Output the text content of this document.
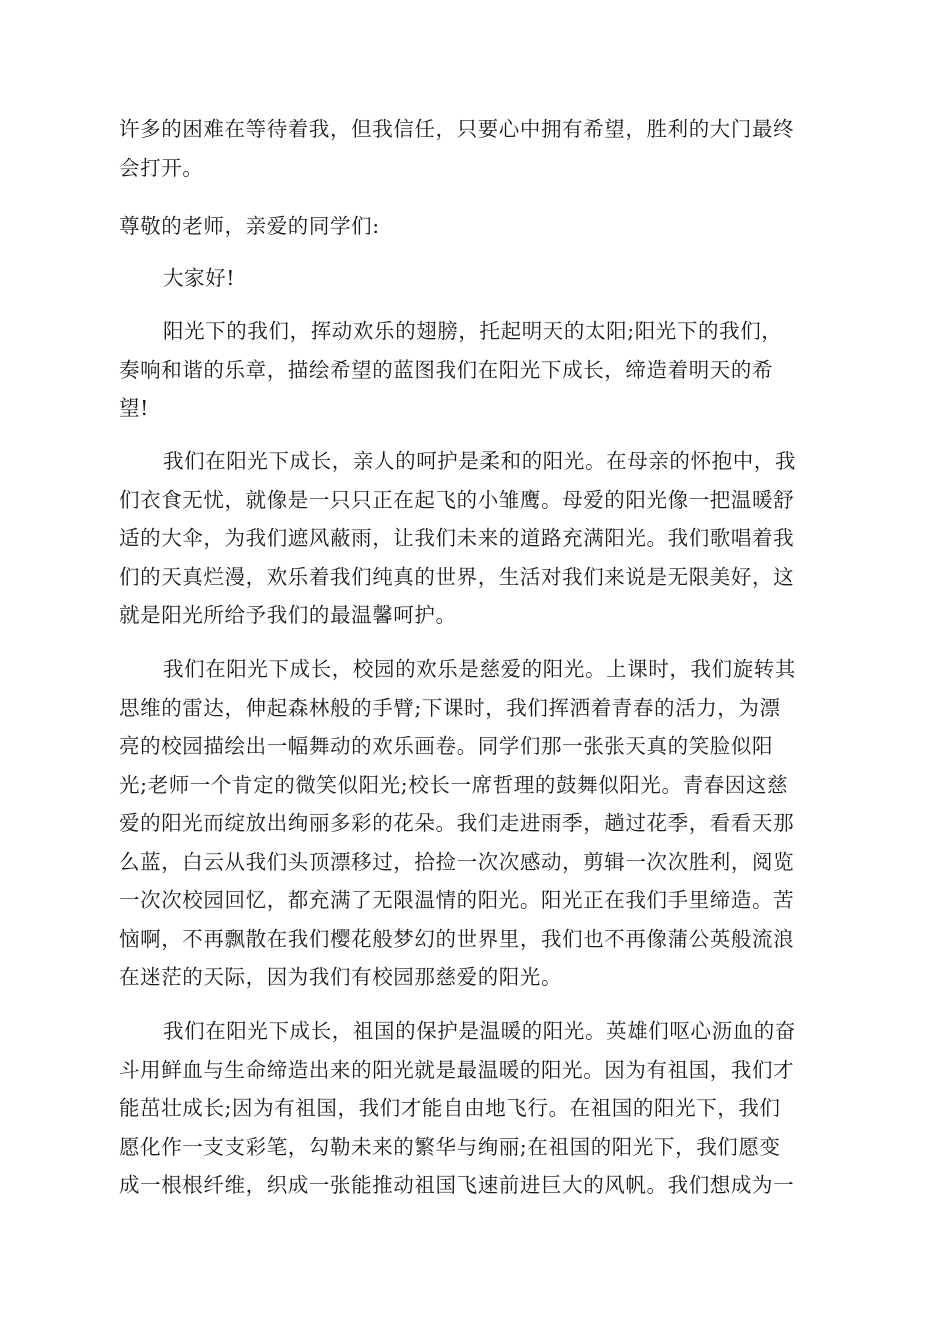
许多的困难在等待着我，但我信任，只要心中拥有希望，胜利的大门最终
会打开。

尊敬的老师，亲爱的同学们:

大家好!

阳光下的我们，挥动欢乐的翅膀，托起明天的太阳;阳光下的我们，
奏响和谐的乐章，描绘希望的蓝图我们在阳光下成长，缔造着明天的希
望!

我们在阳光下成长，亲人的呵护是柔和的阳光。在母亲的怀抱中，我
们衣食无忧，就像是一只只正在起飞的小雏鹰。母爱的阳光像一把温暖舒
适的大伞，为我们遮风蔽雨，让我们未来的道路充满阳光。我们歌唱着我
们的天真烂漫，欢乐着我们纯真的世界，生活对我们来说是无限美好，这
就是阳光所给予我们的最温馨呵护。

我们在阳光下成长，校园的欢乐是慈爱的阳光。上课时，我们旋转其
思维的雷达，伸起森林般的手臂;下课时，我们挥洒着青春的活力，为漂
亮的校园描绘出一幅舞动的欢乐画卷。同学们那一张张天真的笑脸似阳
光;老师一个肯定的微笑似阳光;校长一席哲理的鼓舞似阳光。青春因这慈
爱的阳光而绽放出绚丽多彩的花朵。我们走进雨季，趟过花季，看看天那
么蓝，白云从我们头顶漂移过，拾捡一次次感动，剪辑一次次胜利，阅览
一次次校园回忆，都充满了无限温情的阳光。阳光正在我们手里缔造。苦
恼啊，不再飘散在我们樱花般梦幻的世界里，我们也不再像蒲公英般流浪
在迷茫的天际，因为我们有校园那慈爱的阳光。

我们在阳光下成长，祖国的保护是温暖的阳光。英雄们呕心沥血的奋
斗用鲜血与生命缔造出来的阳光就是最温暖的阳光。因为有祖国，我们才
能茁壮成长;因为有祖国，我们才能自由地飞行。在祖国的阳光下，我们
愿化作一支支彩笔，勾勒未来的繁华与绚丽;在祖国的阳光下，我们愿变
成一根根纤维，织成一张能推动祖国飞速前进巨大的风帆。我们想成为一
